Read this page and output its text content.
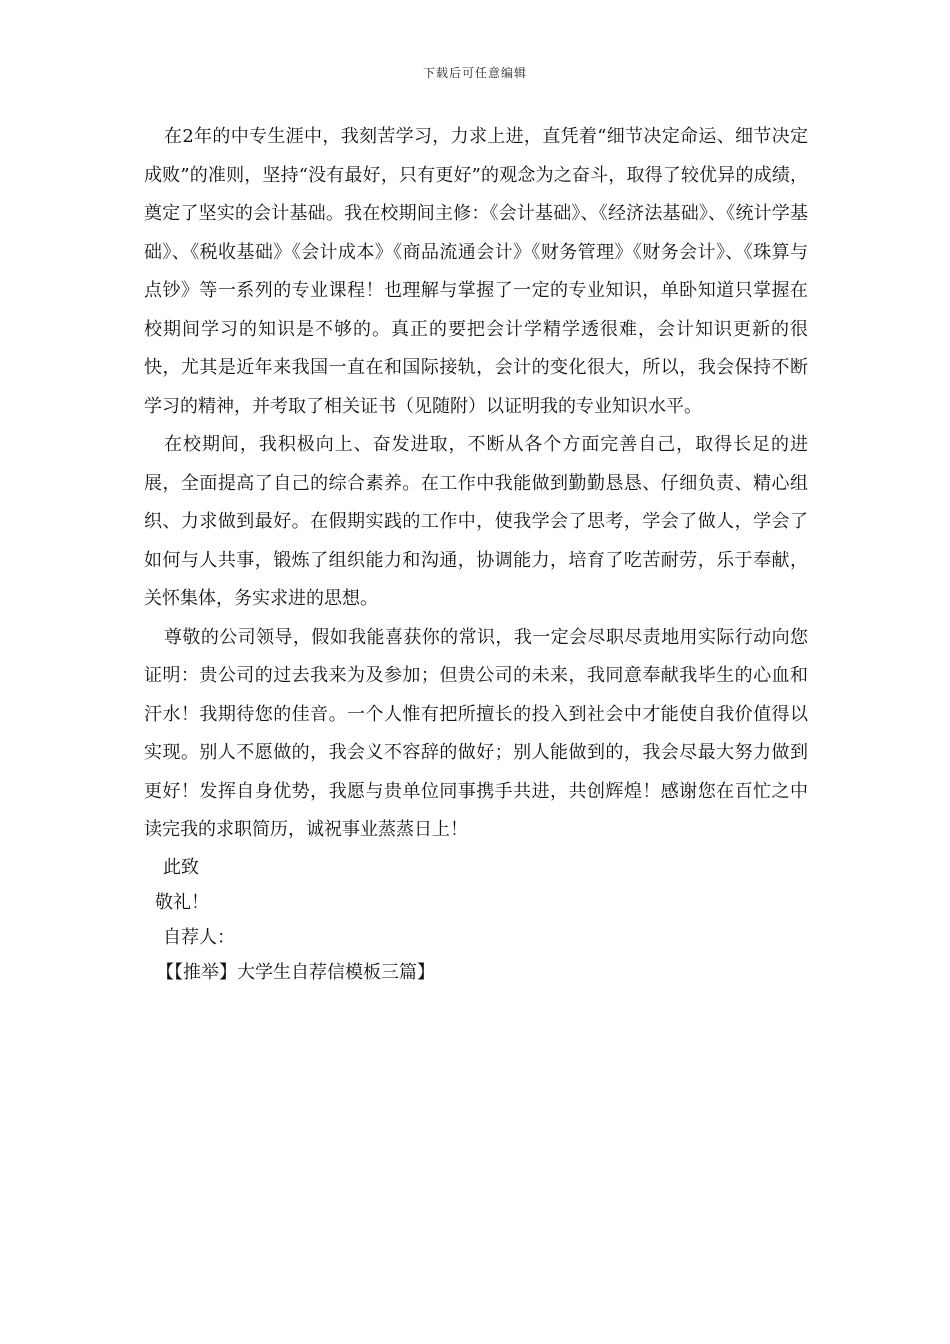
下载后可任意编辑

在2年的中专生涯中，我刻苦学习，力求上进，直凭着“细节决定命运、细节决定成败”的准则，坚持“没有最好，只有更好”的观念为之奋斗，取得了较优异的成绩，奠定了坚实的会计基础。我在校期间主修：《会计基础》、《经济法基础》、《统计学基础》、《税收基础》《会计成本》《商品流通会计》《财务管理》《财务会计》、《珠算与点钞》等一系列的专业课程！也理解与掌握了一定的专业知识，单卧知道只掌握在校期间学习的知识是不够的。真正的要把会计学精学透很难，会计知识更新的很快，尤其是近年来我国一直在和国际接轨，会计的变化很大，所以，我会保持不断学习的精神，并考取了相关证书（见随附）以证明我的专业知识水平。

在校期间，我积极向上、奋发进取，不断从各个方面完善自己，取得长足的进展，全面提高了自己的综合素养。在工作中我能做到勤勤恳恳、仔细负责、精心组织、力求做到最好。在假期实践的工作中，使我学会了思考，学会了做人，学会了如何与人共事，锻炼了组织能力和沟通，协调能力，培育了吃苦耐劳，乐于奉献，关怀集体，务实求进的思想。

尊敬的公司领导，假如我能喜获你的常识，我一定会尽职尽责地用实际行动向您证明：贵公司的过去我来为及参加；但贵公司的未来，我同意奉献我毕生的心血和汗水！我期待您的佳音。一个人惟有把所擅长的投入到社会中才能使自我价值得以实现。别人不愿做的，我会义不容辞的做好；别人能做到的，我会尽最大努力做到更好！发挥自身优势，我愿与贵单位同事携手共进，共创辉煌！感谢您在百忙之中读完我的求职简历，诚祝事业蒸蒸日上！

此致

敬礼！

自荐人：

【【推举】大学生自荐信模板三篇】
